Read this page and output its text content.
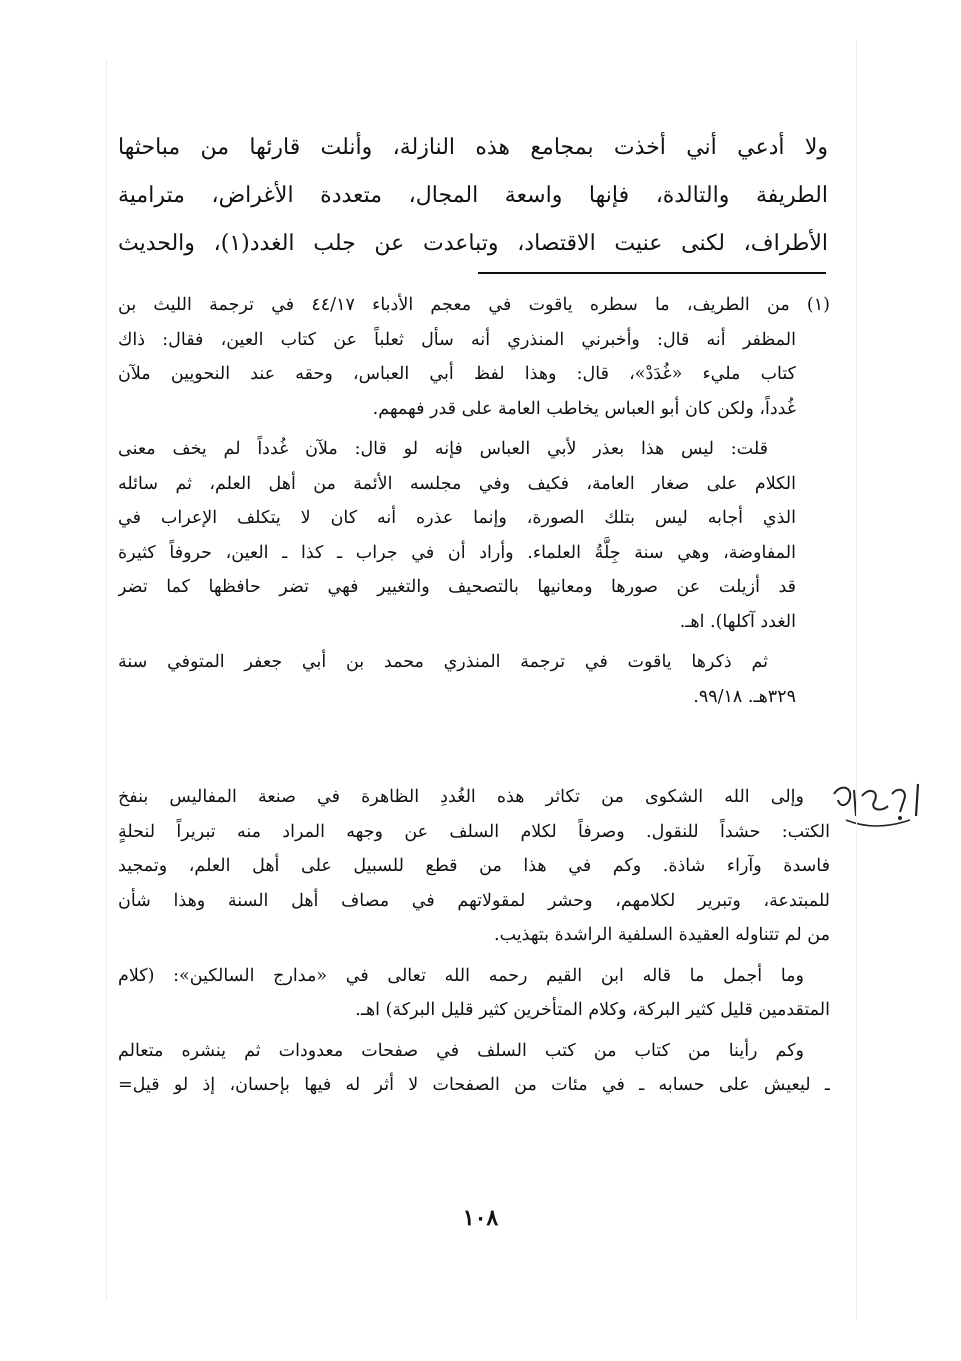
ولا أدعي أني أخذت بمجامع هذه النازلة، وأنلت قارئها من مباحثها
الطريفة والتالدة، فإنها واسعة المجال، متعددة الأغراض، مترامية
الأطراف، لكنى عنيت الاقتصاد، وتباعدت عن جلب الغدد(١)، والحديث
(١) من الطريف، ما سطره ياقوت في معجم الأدباء ٤٤/١٧ في ترجمة الليث بن
المظفر أنه قال: وأخبرني المنذري أنه سأل ثعلباً عن كتاب العين، فقال: ذاك
كتاب مليء «غُدَدْ»، قال: وهذا لفظ أبي العباس، وحقه عند النحويين ملآن
غُدداً، ولكن كان أبو العباس يخاطب العامة على قدر فهمهم.
قلت: ليس هذا بعذر لأبي العباس فإنه لو قال: ملآن غُدداً لم يخف معنى
الكلام على صغار العامة، فكيف وفي مجلسه الأئمة من أهل العلم، ثم سائله
الذي أجابه ليس بتلك الصورة، وإنما عذره أنه كان لا يتكلف الإعراب في
المفاوضة، وهي سنة جِلَّةُ العلماء. وأراد أن في جراب ـ كذا ـ العين، حروفاً كثيرة
قد أزيلت عن صورها ومعانيها بالتصحيف والتغيير فهي تضر حافظها كما تضر
الغدد آكلها). اهـ.
ثم ذكرها ياقوت في ترجمة المنذري محمد بن أبي جعفر المتوفي سنة
٣٢٩هـ. ٩٩/١٨.
وإلى الله الشكوى من تكاثر هذه الغُددِ الظاهرة في صنعة المفاليس بنفخ
الكتب: حشداً للنقول. وصرفاً لكلام السلف عن وجهه المراد منه تبريراً لنحلةٍ
فاسدة وآراء شاذة. وكم في هذا من قطع للسبيل على أهل العلم، وتمجيد
للمبتدعة، وتبرير لكلامهم، وحشر لمقولاتهم في مصاف أهل السنة وهذا شأن
من لم تتناوله العقيدة السلفية الراشدة بتهذيب.
وما أجمل ما قاله ابن القيم رحمه الله تعالى في «مدارج السالكين»: (كلام
المتقدمين قليل كثير البركة، وكلام المتأخرين كثير قليل البركة) اهـ.
وكم رأينا من كتاب من كتب السلف في صفحات معدودات ثم ينشره متعالم
ـ ليعيش على حسابه ـ في مئات من الصفحات لا أثر له فيها بإحسان، إذ لو قيل=
١٠٨
